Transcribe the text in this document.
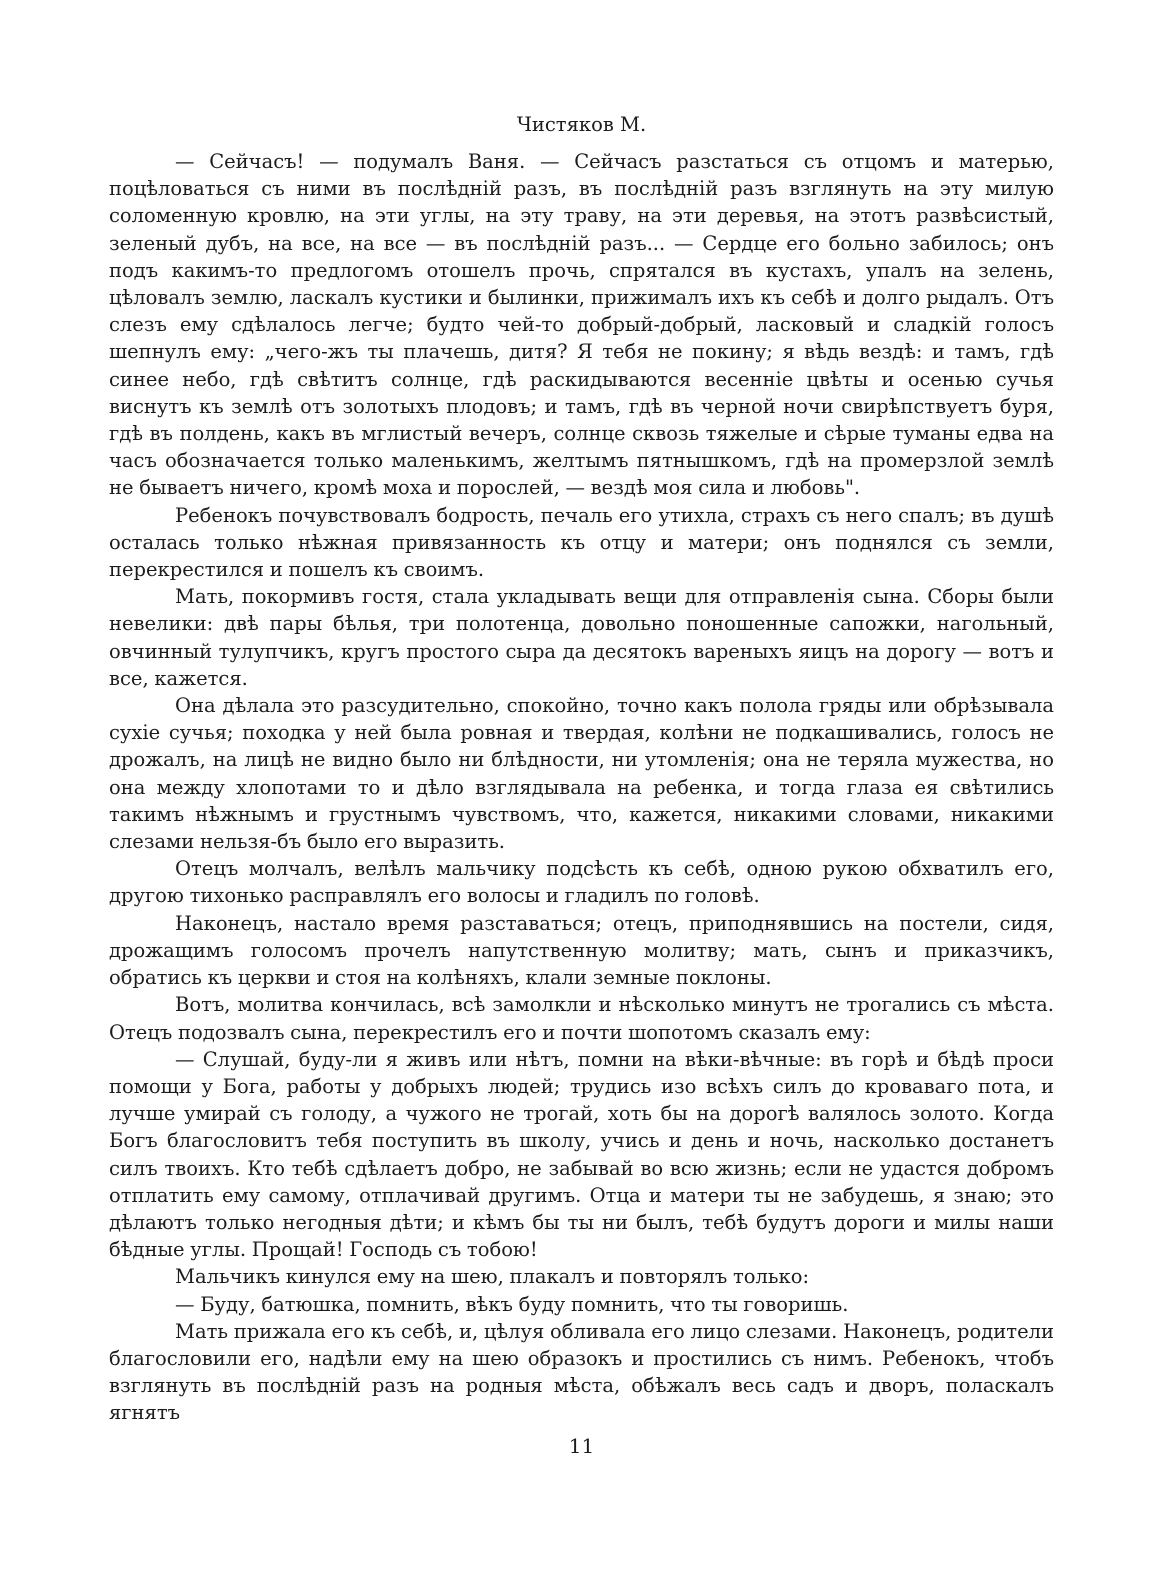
Чистяков М.

— Сейчасъ! — подумалъ Ваня. — Сейчасъ разстаться съ отцомъ и матерью, поцѣловаться съ ними въ послѣднiй разъ, въ послѣднiй разъ взглянуть на эту милую соломенную кровлю, на эти углы, на эту траву, на эти деревья, на этотъ развѣсистый, зеленый дубъ, на все, на все — въ послѣднiй разъ... — Сердце его больно забилось; онъ подъ какимъ-то предлогомъ отошелъ прочь, спрятался въ кустахъ, упалъ на зелень, цѣловалъ землю, ласкалъ кустики и былинки, прижималъ ихъ къ себѣ и долго рыдалъ. Отъ слезъ ему сдѣлалось легче; будто чей-то добрый-добрый, ласковый и сладкiй голосъ шепнулъ ему: „чего-жъ ты плачешь, дитя? Я тебя не покину; я вѣдь вездѣ: и тамъ, гдѣ синее небо, гдѣ свѣтитъ солнце, гдѣ раскидываются весеннiе цвѣты и осенью сучья виснутъ къ землѣ отъ золотыхъ плодовъ; и тамъ, гдѣ въ черной ночи свирѣпствуетъ буря, гдѣ въ полдень, какъ въ мглистый вечеръ, солнце сквозь тяжелые и сѣрые туманы едва на часъ обозначается только маленькимъ, желтымъ пятнышкомъ, гдѣ на промерзлой землѣ не бываетъ ничего, кромѣ моха и порослей, — вездѣ моя сила и любовь".

Ребенокъ почувствовалъ бодрость, печаль его утихла, страхъ съ него спалъ; въ душѣ осталась только нѣжная привязанность къ отцу и матери; онъ поднялся съ земли, перекрестился и пошелъ къ своимъ.

Мать, покормивъ гостя, стала укладывать вещи для отправленiя сына. Сборы были невелики: двѣ пары бѣлья, три полотенца, довольно поношенные сапожки, нагольный, овчинный тулупчикъ, кругъ простого сыра да десятокъ вареныхъ яицъ на дорогу — вотъ и все, кажется.

Она дѣлала это разсудительно, спокойно, точно какъ полола гряды или обрѣзывала сухiе сучья; походка у ней была ровная и твердая, колѣни не подкашивались, голосъ не дрожалъ, на лицѣ не видно было ни блѣдности, ни утомленiя; она не теряла мужества, но она между хлопотами то и дѣло взглядывала на ребенка, и тогда глаза ея свѣтились такимъ нѣжнымъ и грустнымъ чувствомъ, что, кажется, никакими словами, никакими слезами нельзя-бъ было его выразить.

Отецъ молчалъ, велѣлъ мальчику подсѣсть къ себѣ, одною рукою обхватилъ его, другою тихонько расправлялъ его волосы и гладилъ по головѣ.

Наконецъ, настало время разставаться; отецъ, приподнявшись на постели, сидя, дрожащимъ голосомъ прочелъ напутственную молитву; мать, сынъ и приказчикъ, обратись къ церкви и стоя на колѣняхъ, клали земные поклоны.

Вотъ, молитва кончилась, всѣ замолкли и нѣсколько минутъ не трогались съ мѣста. Отецъ подозвалъ сына, перекрестилъ его и почти шопотомъ сказалъ ему:

— Слушай, буду-ли я живъ или нѣтъ, помни на вѣки-вѣчные: въ горѣ и бѣдѣ проси помощи у Бога, работы у добрыхъ людей; трудись изо всѣхъ силъ до кроваваго пота, и лучше умирай съ голоду, а чужого не трогай, хоть бы на дорогѣ валялось золото. Когда Богъ благословитъ тебя поступить въ школу, учись и день и ночь, насколько достанетъ силъ твоихъ. Кто тебѣ сдѣлаетъ добро, не забывай во всю жизнь; если не удастся добромъ отплатить ему самому, отплачивай другимъ. Отца и матери ты не забудешь, я знаю; это дѣлаютъ только негодныя дѣти; и кѣмъ бы ты ни былъ, тебѣ будутъ дороги и милы наши бѣдные углы. Прощай! Господь съ тобою!

Мальчикъ кинулся ему на шею, плакалъ и повторялъ только:

— Буду, батюшка, помнить, вѣкъ буду помнить, что ты говоришь.

Мать прижала его къ себѣ, и, цѣлуя обливала его лицо слезами. Наконецъ, родители благословили его, надѣли ему на шею образокъ и простились съ нимъ. Ребенокъ, чтобъ взглянуть въ послѣднiй разъ на родныя мѣста, обѣжалъ весь садъ и дворъ, поласкалъ ягнятъ

11
